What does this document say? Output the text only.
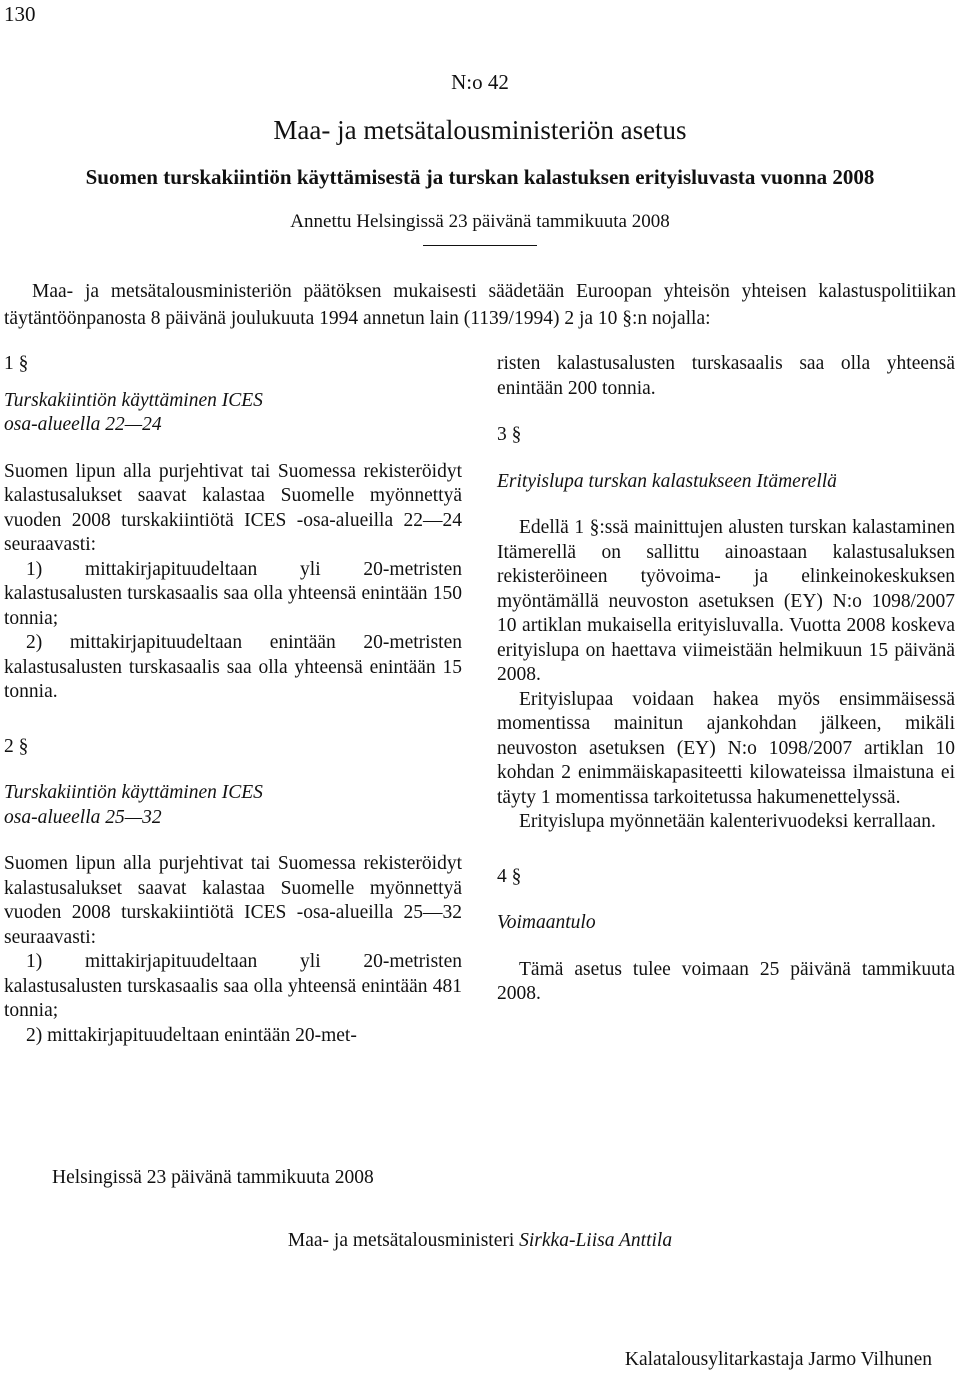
130
N:o 42
Maa- ja metsätalousministeriön asetus
Suomen turskakiintiön käyttämisestä ja turskan kalastuksen erityisluvasta vuonna 2008
Annettu Helsingissä 23 päivänä tammikuuta 2008

Maa- ja metsätalousministeriön päätöksen mukaisesti säädetään Euroopan yhteisön yhteisen kalastuspolitiikan täytäntöönpanosta 8 päivänä joulukuuta 1994 annetun lain (1139/1994) 2 ja 10 §:n nojalla:

1 §

Turskakiintiön käyttäminen ICES

osa-alueella 22—24

Suomen lipun alla purjehtivat tai Suomessa rekisteröidyt kalastusalukset saavat kalastaa Suomelle myönnettyä vuoden 2008 turskakiintiötä ICES -osa-alueilla 22—24 seuraavasti:

1) mittakirjapituudeltaan yli 20-metristen kalastusalusten turskasaalis saa olla yhteensä enintään 150 tonnia;

2) mittakirjapituudeltaan enintään 20-metristen kalastusalusten turskasaalis saa olla yhteensä enintään 15 tonnia.

2 §

Turskakiintiön käyttäminen ICES

osa-alueella 25—32

Suomen lipun alla purjehtivat tai Suomessa rekisteröidyt kalastusalukset saavat kalastaa Suomelle myönnettyä vuoden 2008 turskakiintiötä ICES -osa-alueilla 25—32 seuraavasti:

1) mittakirjapituudeltaan yli 20-metristen kalastusalusten turskasaalis saa olla yhteensä enintään 481 tonnia;

2) mittakirjapituudeltaan enintään 20-met-

risten kalastusalusten turskasaalis saa olla yhteensä enintään 200 tonnia.

3 §

Erityislupa turskan kalastukseen Itämerellä

Edellä 1 §:ssä mainittujen alusten turskan kalastaminen Itämerellä on sallittu ainoastaan kalastusaluksen rekisteröineen työvoima- ja elinkeinokeskuksen myöntämällä neuvoston asetuksen (EY) N:o 1098/2007 10 artiklan mukaisella erityisluvalla. Vuotta 2008 koskeva erityislupa on haettava viimeistään helmikuun 15 päivänä 2008.

Erityislupaa voidaan hakea myös ensimmäisessä momentissa mainitun ajankohdan jälkeen, mikäli neuvoston asetuksen (EY) N:o 1098/2007 artiklan 10 kohdan 2 enimmäiskapasiteetti kilowateissa ilmaistuna ei täyty 1 momentissa tarkoitetussa hakumenettelyssä.

Erityislupa myönnetään kalenterivuodeksi kerrallaan.

4 §

Voimaantulo

Tämä asetus tulee voimaan 25 päivänä tammikuuta 2008.

Helsingissä 23 päivänä tammikuuta 2008
Maa- ja metsätalousministeri Sirkka-Liisa Anttila
Kalatalousylitarkastaja Jarmo Vilhunen
